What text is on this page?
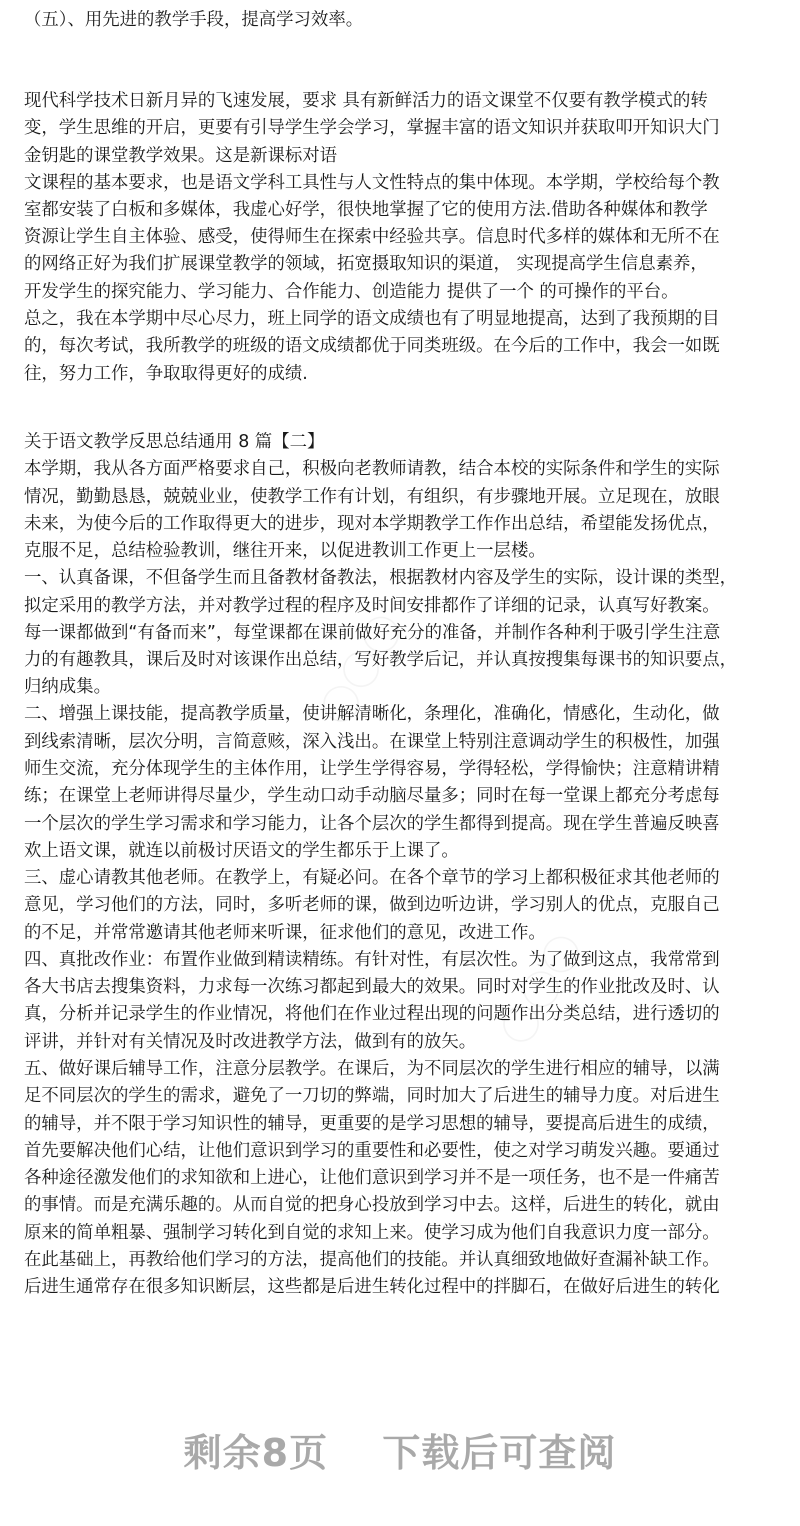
（五）、用先进的教学手段，提高学习效率。
现代科学技术日新月异的飞速发展，要求 具有新鲜活力的语文课堂不仅要有教学模式的转
变，学生思维的开启，更要有引导学生学会学习，掌握丰富的语文知识并获取叩开知识大门
金钥匙的课堂教学效果。这是新课标对语
文课程的基本要求，也是语文学科工具性与人文性特点的集中体现。本学期，学校给每个教
室都安装了白板和多媒体，我虚心好学，很快地掌握了它的使用方法.借助各种媒体和教学
资源让学生自主体验、感受，使得师生在探索中经验共享。信息时代多样的媒体和无所不在
的网络正好为我们扩展课堂教学的领域，拓宽摄取知识的渠道， 实现提高学生信息素养，
开发学生的探究能力、学习能力、合作能力、创造能力 提供了一个 的可操作的平台。
总之，我在本学期中尽心尽力，班上同学的语文成绩也有了明显地提高，达到了我预期的目
的，每次考试，我所教学的班级的语文成绩都优于同类班级。在今后的工作中，我会一如既
往，努力工作，争取取得更好的成绩.
关于语文教学反思总结通用 8 篇【二】
本学期，我从各方面严格要求自己，积极向老教师请教，结合本校的实际条件和学生的实际
情况，勤勤恳恳，兢兢业业，使教学工作有计划，有组织，有步骤地开展。立足现在，放眼
未来，为使今后的工作取得更大的进步，现对本学期教学工作作出总结，希望能发扬优点，
克服不足，总结检验教训，继往开来，以促进教训工作更上一层楼。
一、认真备课，不但备学生而且备教材备教法，根据教材内容及学生的实际，设计课的类型，
拟定采用的教学方法，并对教学过程的程序及时间安排都作了详细的记录，认真写好教案。
每一课都做到“有备而来”，每堂课都在课前做好充分的准备，并制作各种利于吸引学生注意
力的有趣教具，课后及时对该课作出总结，写好教学后记，并认真按搜集每课书的知识要点，
归纳成集。
二、增强上课技能，提高教学质量，使讲解清晰化，条理化，准确化，情感化，生动化，做
到线索清晰，层次分明，言简意赅，深入浅出。在课堂上特别注意调动学生的积极性，加强
师生交流，充分体现学生的主体作用，让学生学得容易，学得轻松，学得愉快；注意精讲精
练；在课堂上老师讲得尽量少，学生动口动手动脑尽量多；同时在每一堂课上都充分考虑每
一个层次的学生学习需求和学习能力，让各个层次的学生都得到提高。现在学生普遍反映喜
欢上语文课，就连以前极讨厌语文的学生都乐于上课了。
三、虚心请教其他老师。在教学上，有疑必问。在各个章节的学习上都积极征求其他老师的
意见，学习他们的方法，同时，多听老师的课，做到边听边讲，学习别人的优点，克服自己
的不足，并常常邀请其他老师来听课，征求他们的意见，改进工作。
四、真批改作业：布置作业做到精读精练。有针对性，有层次性。为了做到这点，我常常到
各大书店去搜集资料，力求每一次练习都起到最大的效果。同时对学生的作业批改及时、认
真，分析并记录学生的作业情况，将他们在作业过程出现的问题作出分类总结，进行透切的
评讲，并针对有关情况及时改进教学方法，做到有的放矢。
五、做好课后辅导工作，注意分层教学。在课后，为不同层次的学生进行相应的辅导，以满
足不同层次的学生的需求，避免了一刀切的弊端，同时加大了后进生的辅导力度。对后进生
的辅导，并不限于学习知识性的辅导，更重要的是学习思想的辅导，要提高后进生的成绩，
首先要解决他们心结，让他们意识到学习的重要性和必要性，使之对学习萌发兴趣。要通过
各种途径激发他们的求知欲和上进心，让他们意识到学习并不是一项任务，也不是一件痛苦
的事情。而是充满乐趣的。从而自觉的把身心投放到学习中去。这样，后进生的转化，就由
原来的简单粗暴、强制学习转化到自觉的求知上来。使学习成为他们自我意识力度一部分。
在此基础上，再教给他们学习的方法，提高他们的技能。并认真细致地做好查漏补缺工作。
后进生通常存在很多知识断层，这些都是后进生转化过程中的拌脚石，在做好后进生的转化
剩余8页 下载后可查阅
